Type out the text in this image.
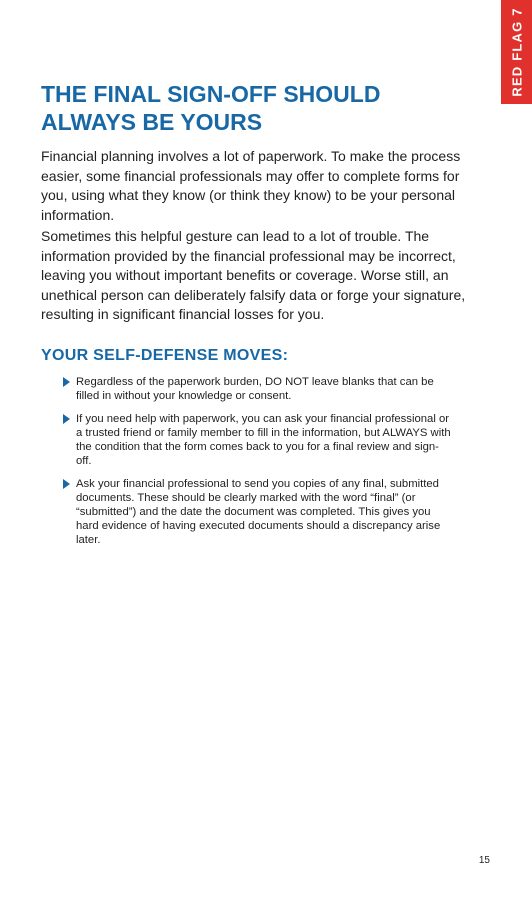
RED FLAG 7
THE FINAL SIGN-OFF SHOULD ALWAYS BE YOURS

Financial planning involves a lot of paperwork. To make the process easier, some financial professionals may offer to complete forms for you, using what they know (or think they know) to be your personal information.

Sometimes this helpful gesture can lead to a lot of trouble. The information provided by the financial professional may be incorrect, leaving you without important benefits or coverage. Worse still, an unethical person can deliberately falsify data or forge your signature, resulting in significant financial losses for you.

YOUR SELF-DEFENSE MOVES:
Regardless of the paperwork burden, DO NOT leave blanks that can be filled in without your knowledge or consent.
If you need help with paperwork, you can ask your financial professional or a trusted friend or family member to fill in the information, but ALWAYS with the condition that the form comes back to you for a final review and sign-off.
Ask your financial professional to send you copies of any final, submitted documents. These should be clearly marked with the word “final” (or “submitted”) and the date the document was completed. This gives you hard evidence of having executed documents should a discrepancy arise later.
15
